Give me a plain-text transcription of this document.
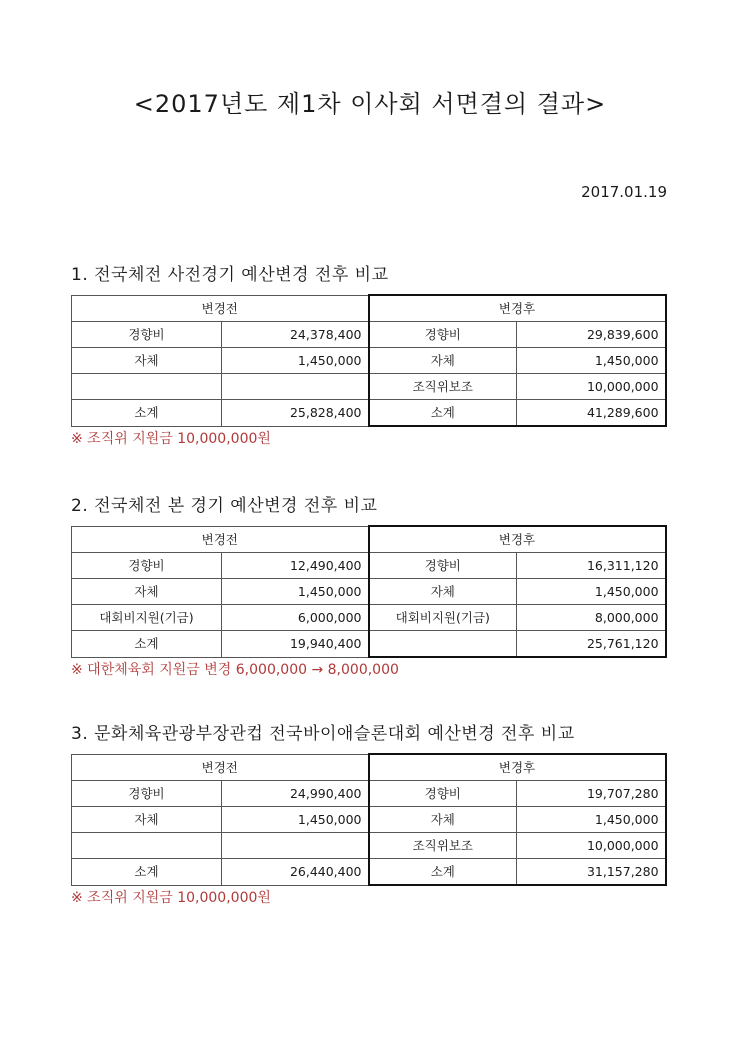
<2017년도 제1차 이사회 서면결의 결과>

2017.01.19

1. 전국체전 사전경기 예산변경 전후 비교
변경전		변경후	
경향비	24,378,400	경향비	29,839,600
자체	1,450,000	자체	1,450,000
		조직위보조	10,000,000
소계	25,828,400	소계	41,289,600

※ 조직위 지원금 10,000,000원

2. 전국체전 본 경기 예산변경 전후 비교
변경전		변경후	
경향비	12,490,400	경향비	16,311,120
자체	1,450,000	자체	1,450,000
대회비지원(기금)	6,000,000	대회비지원(기금)	8,000,000
소계	19,940,400		25,761,120

※ 대한체육회 지원금 변경 6,000,000 → 8,000,000

3. 문화체육관광부장관컵 전국바이애슬론대회 예산변경 전후 비교
변경전		변경후	
경향비	24,990,400	경향비	19,707,280
자체	1,450,000	자체	1,450,000
		조직위보조	10,000,000
소계	26,440,400	소계	31,157,280

※ 조직위 지원금 10,000,000원
